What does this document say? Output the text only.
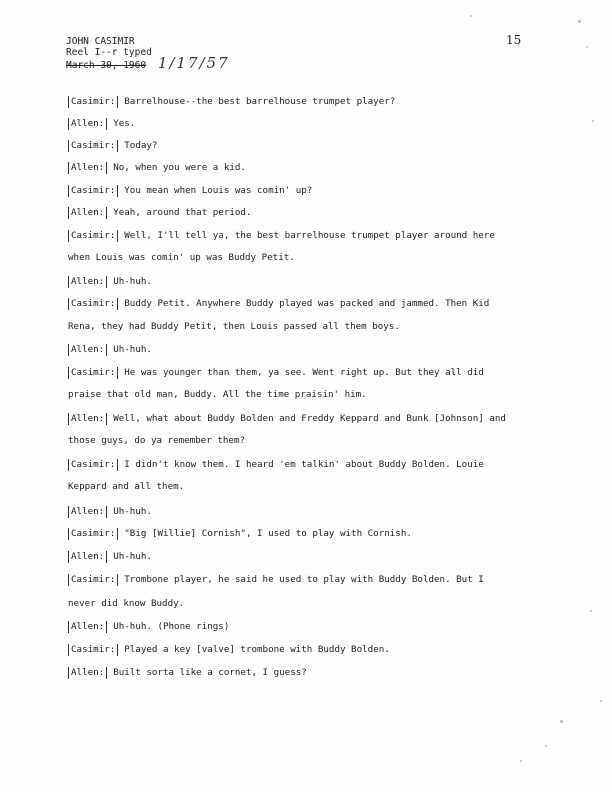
JOHN CASIMIR
Reel I--r typed
March 30, 1960 1/17/57
15
Casimir: Barrelhouse--the best barrelhouse trumpet player?
Allen: Yes.
Casimir: Today?
Allen: No, when you were a kid.
Casimir: You mean when Louis was comin' up?
Allen: Yeah, around that period.
Casimir: Well, I'll tell ya, the best barrelhouse trumpet player around here
when Louis was comin' up was Buddy Petit.
Allen: Uh-huh.
Casimir: Buddy Petit. Anywhere Buddy played was packed and jammed. Then Kid
Rena, they had Buddy Petit, then Louis passed all them boys.
Allen: Uh-huh.
Casimir: He was younger than them, ya see. Went right up. But they all did
praise that old man, Buddy. All the time praisin' him.
Allen: Well, what about Buddy Bolden and Freddy Keppard and Bunk [Johnson] and
those guys, do ya remember them?
Casimir: I didn't know them. I heard 'em talkin' about Buddy Bolden. Louie
Keppard and all them.
Allen: Uh-huh.
Casimir: "Big [Willie] Cornish", I used to play with Cornish.
Allen: Uh-huh.
Casimir: Trombone player, he said he used to play with Buddy Bolden. But I
never did know Buddy.
Allen: Uh-huh. (Phone rings)
Casimir: Played a key [valve] trombone with Buddy Bolden.
Allen: Built sorta like a cornet, I guess?
